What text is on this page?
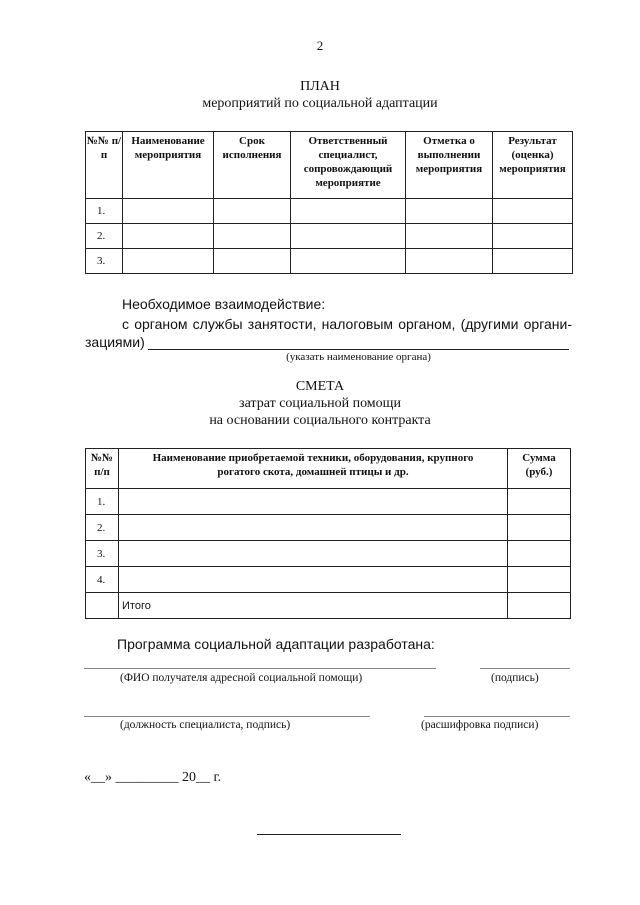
2
ПЛАН
мероприятий по социальной адаптации
№№ п/п	Наименование мероприятия	Срок исполнения	Ответственный специалист, сопровождающий мероприятие	Отметка о выполнении мероприятия	Результат (оценка) мероприятия
1.					
2.					
3.					
Необходимое взаимодействие:
с органом службы занятости, налоговым органом, (другими органи-
зациями)
(указать наименование органа)
СМЕТА
затрат социальной помощи
на основании социального контракта
№№ п/п	Наименование приобретаемой техники, оборудования, крупного рогатого скота, домашней птицы и др.	Сумма (руб.)
1.		
2.		
3.		
4.		
	Итого	
Программа социальной адаптации разработана:
(ФИО получателя адресной социальной помощи)	(подпись)
(должность специалиста, подпись)	(расшифровка подписи)
«__» _________ 20__ г.
